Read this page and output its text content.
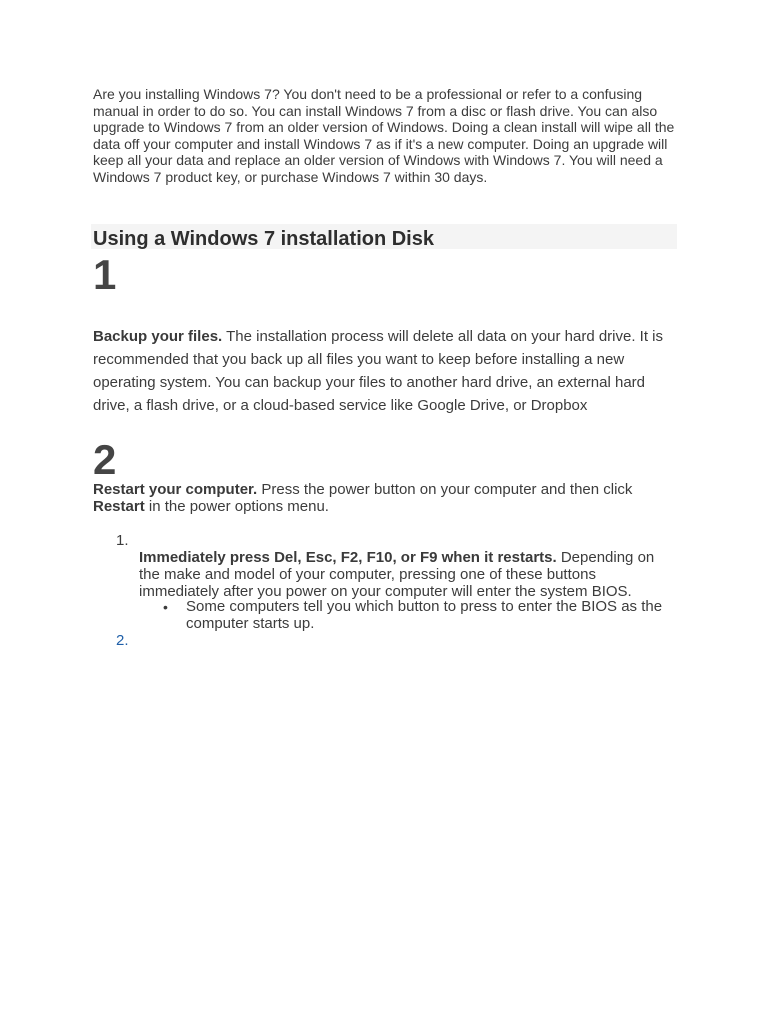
Are you installing Windows 7? You don't need to be a professional or refer to a confusing manual in order to do so. You can install Windows 7 from a disc or flash drive. You can also upgrade to Windows 7 from an older version of Windows. Doing a clean install will wipe all the data off your computer and install Windows 7 as if it's a new computer. Doing an upgrade will keep all your data and replace an older version of Windows with Windows 7. You will need a Windows 7 product key, or purchase Windows 7 within 30 days.

Using a Windows 7 installation Disk
1

Backup your files. The installation process will delete all data on your hard drive. It is recommended that you back up all files you want to keep before installing a new operating system. You can backup your files to another hard drive, an external hard drive, a flash drive, or a cloud-based service like Google Drive, or Dropbox

2

Restart your computer. Press the power button on your computer and then click Restart in the power options menu.

1.
Immediately press Del, Esc, F2, F10, or F9 when it restarts. Depending on the make and model of your computer, pressing one of these buttons immediately after you power on your computer will enter the system BIOS.
• Some computers tell you which button to press to enter the BIOS as the computer starts up.
2.
